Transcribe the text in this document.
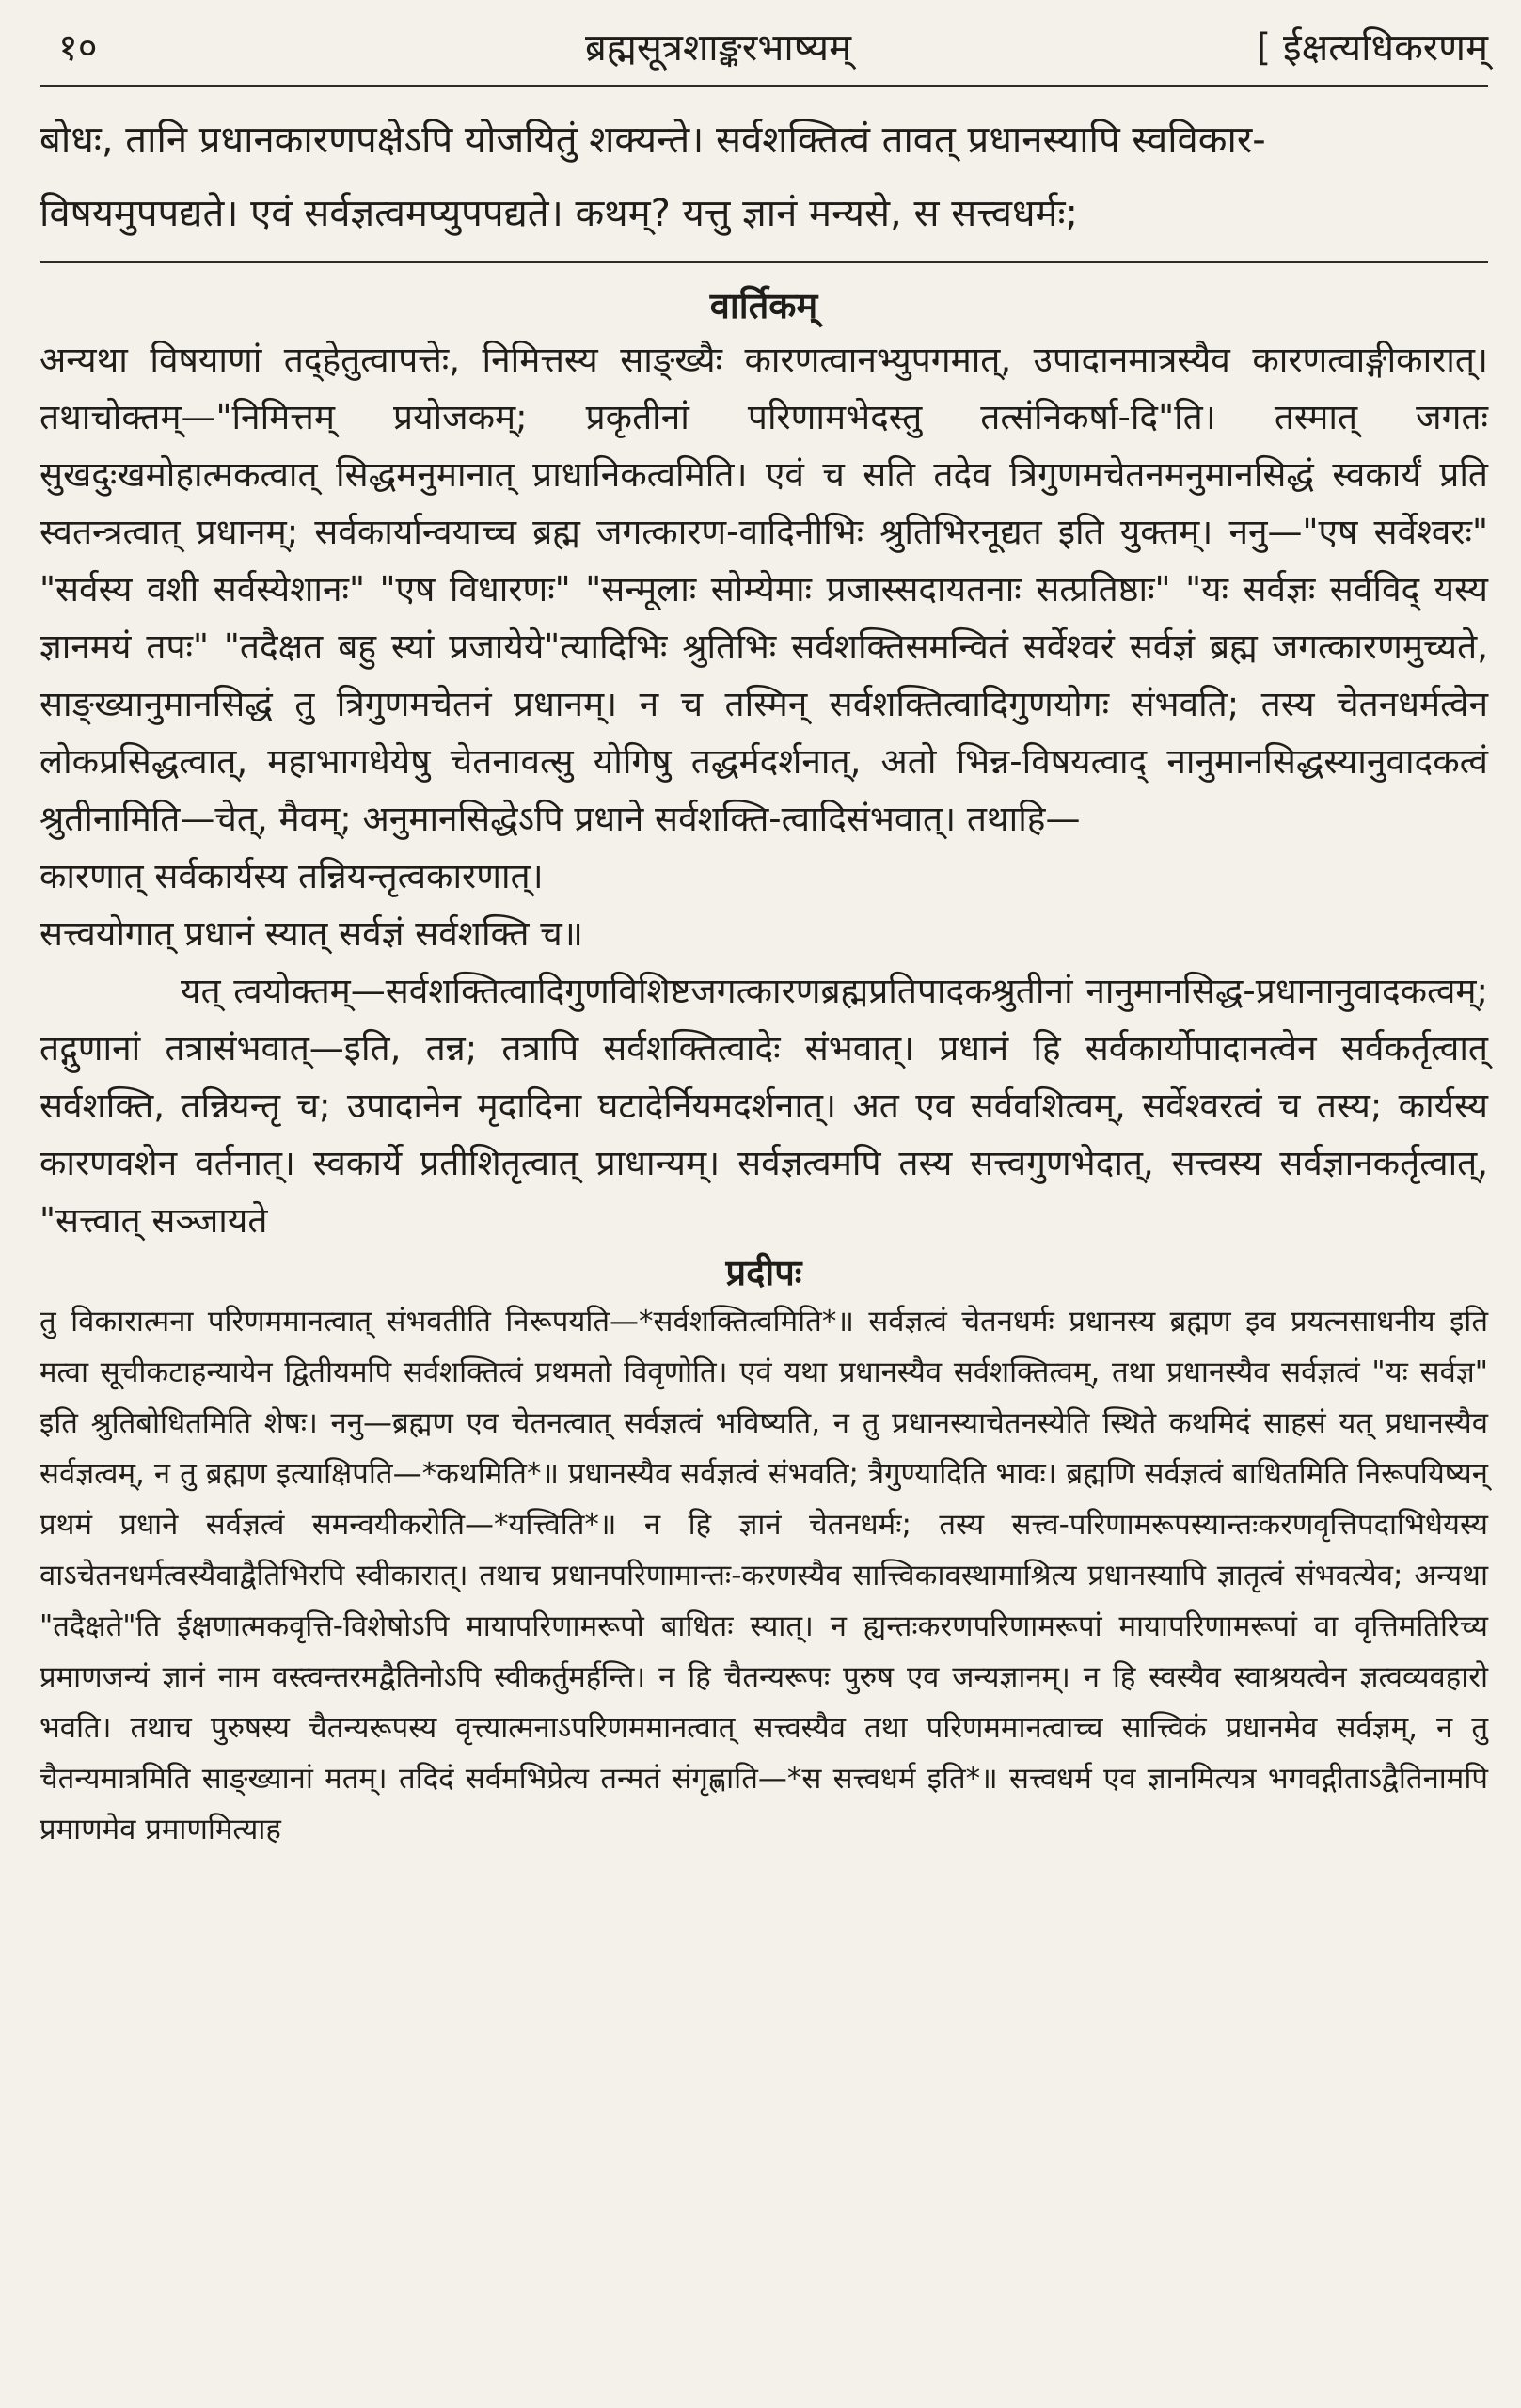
१०	ब्रह्मसूत्रशाङ्करभाष्यम्	[ ईक्षत्यधिकरणम्

बोधः, तानि प्रधानकारणपक्षेऽपि योजयितुं शक्यन्ते। सर्वशक्तित्वं तावत् प्रधानस्यापि स्वविकार-

विषयमुपपद्यते। एवं सर्वज्ञत्वमप्युपपद्यते। कथम्? यत्तु ज्ञानं मन्यसे, स सत्त्वधर्मः;

वार्तिकम्

अन्यथा विषयाणां तद्हेतुत्वापत्तेः, निमित्तस्य साङ्ख्यैः कारणत्वानभ्युपगमात्, उपादानमात्रस्यैव कारणत्वाङ्गीकारात्। तथाचोक्तम्—"निमित्तम् प्रयोजकम्; प्रकृतीनां परिणामभेदस्तु तत्संनिकर्षा-दि"ति। तस्मात् जगतः सुखदुःखमोहात्मकत्वात् सिद्धमनुमानात् प्राधानिकत्वमिति। एवं च सति तदेव त्रिगुणमचेतनमनुमानसिद्धं स्वकार्यं प्रति स्वतन्त्रत्वात् प्रधानम्; सर्वकार्यान्वयाच्च ब्रह्म जगत्कारण-वादिनीभिः श्रुतिभिरनूद्यत इति युक्तम्। ननु—"एष सर्वेश्वरः" "सर्वस्य वशी सर्वस्येशानः" "एष विधारणः" "सन्मूलाः सोम्येमाः प्रजास्सदायतनाः सत्प्रतिष्ठाः" "यः सर्वज्ञः सर्वविद् यस्य ज्ञानमयं तपः" "तदैक्षत बहु स्यां प्रजायेये"त्यादिभिः श्रुतिभिः सर्वशक्तिसमन्वितं सर्वेश्वरं सर्वज्ञं ब्रह्म जगत्कारणमुच्यते, साङ्ख्यानुमानसिद्धं तु त्रिगुणमचेतनं प्रधानम्। न च तस्मिन् सर्वशक्तित्वादिगुणयोगः संभवति; तस्य चेतनधर्मत्वेन लोकप्रसिद्धत्वात्, महाभागधेयेषु चेतनावत्सु योगिषु तद्धर्मदर्शनात्, अतो भिन्न-विषयत्वाद् नानुमानसिद्धस्यानुवादकत्वं श्रुतीनामिति—चेत्, मैवम्; अनुमानसिद्धेऽपि प्रधाने सर्वशक्ति-त्वादिसंभवात्। तथाहि—

कारणात् सर्वकार्यस्य तन्नियन्तृत्वकारणात्।

सत्त्वयोगात् प्रधानं स्यात् सर्वज्ञं सर्वशक्ति च॥

यत् त्वयोक्तम्—सर्वशक्तित्वादिगुणविशिष्टजगत्कारणब्रह्मप्रतिपादकश्रुतीनां नानुमानसिद्ध-प्रधानानुवादकत्वम्; तद्गुणानां तत्रासंभवात्—इति, तन्न; तत्रापि सर्वशक्तित्वादेः संभवात्। प्रधानं हि सर्वकार्योपादानत्वेन सर्वकर्तृत्वात् सर्वशक्ति, तन्नियन्तृ च; उपादानेन मृदादिना घटादेर्नियमदर्शनात्। अत एव सर्ववशित्वम्, सर्वेश्वरत्वं च तस्य; कार्यस्य कारणवशेन वर्तनात्। स्वकार्ये प्रतीशितृत्वात् प्राधान्यम्। सर्वज्ञत्वमपि तस्य सत्त्वगुणभेदात्, सत्त्वस्य सर्वज्ञानकर्तृत्वात्, "सत्त्वात् सञ्जायते

प्रदीपः

तु विकारात्मना परिणममानत्वात् संभवतीति निरूपयति—*सर्वशक्तित्वमिति*॥ सर्वज्ञत्वं चेतनधर्मः प्रधानस्य ब्रह्मण इव प्रयत्नसाधनीय इति मत्वा सूचीकटाहन्यायेन द्वितीयमपि सर्वशक्तित्वं प्रथमतो विवृणोति। एवं यथा प्रधानस्यैव सर्वशक्तित्वम्, तथा प्रधानस्यैव सर्वज्ञत्वं "यः सर्वज्ञ" इति श्रुतिबोधितमिति शेषः। ननु—ब्रह्मण एव चेतनत्वात् सर्वज्ञत्वं भविष्यति, न तु प्रधानस्याचेतनस्येति स्थिते कथमिदं साहसं यत् प्रधानस्यैव सर्वज्ञत्वम्, न तु ब्रह्मण इत्याक्षिपति—*कथमिति*॥ प्रधानस्यैव सर्वज्ञत्वं संभवति; त्रैगुण्यादिति भावः। ब्रह्मणि सर्वज्ञत्वं बाधितमिति निरूपयिष्यन् प्रथमं प्रधाने सर्वज्ञत्वं समन्वयीकरोति—*यत्त्विति*॥ न हि ज्ञानं चेतनधर्मः; तस्य सत्त्व-परिणामरूपस्यान्तःकरणवृत्तिपदाभिधेयस्य वाऽचेतनधर्मत्वस्यैवाद्वैतिभिरपि स्वीकारात्। तथाच प्रधानपरिणामान्तः-करणस्यैव सात्त्विकावस्थामाश्रित्य प्रधानस्यापि ज्ञातृत्वं संभवत्येव; अन्यथा "तदैक्षते"ति ईक्षणात्मकवृत्ति-विशेषोऽपि मायापरिणामरूपो बाधितः स्यात्। न ह्यन्तःकरणपरिणामरूपां मायापरिणामरूपां वा वृत्तिमतिरिच्य प्रमाणजन्यं ज्ञानं नाम वस्त्वन्तरमद्वैतिनोऽपि स्वीकर्तुमर्हन्ति। न हि चैतन्यरूपः पुरुष एव जन्यज्ञानम्। न हि स्वस्यैव स्वाश्रयत्वेन ज्ञत्वव्यवहारो भवति। तथाच पुरुषस्य चैतन्यरूपस्य वृत्त्यात्मनाऽपरिणममानत्वात् सत्त्वस्यैव तथा परिणममानत्वाच्च सात्त्विकं प्रधानमेव सर्वज्ञम्, न तु चैतन्यमात्रमिति साङ्ख्यानां मतम्। तदिदं सर्वमभिप्रेत्य तन्मतं संगृह्णाति—*स सत्त्वधर्म इति*॥ सत्त्वधर्म एव ज्ञानमित्यत्र भगवद्गीताऽद्वैतिनामपि प्रमाणमेव प्रमाणमित्याह
